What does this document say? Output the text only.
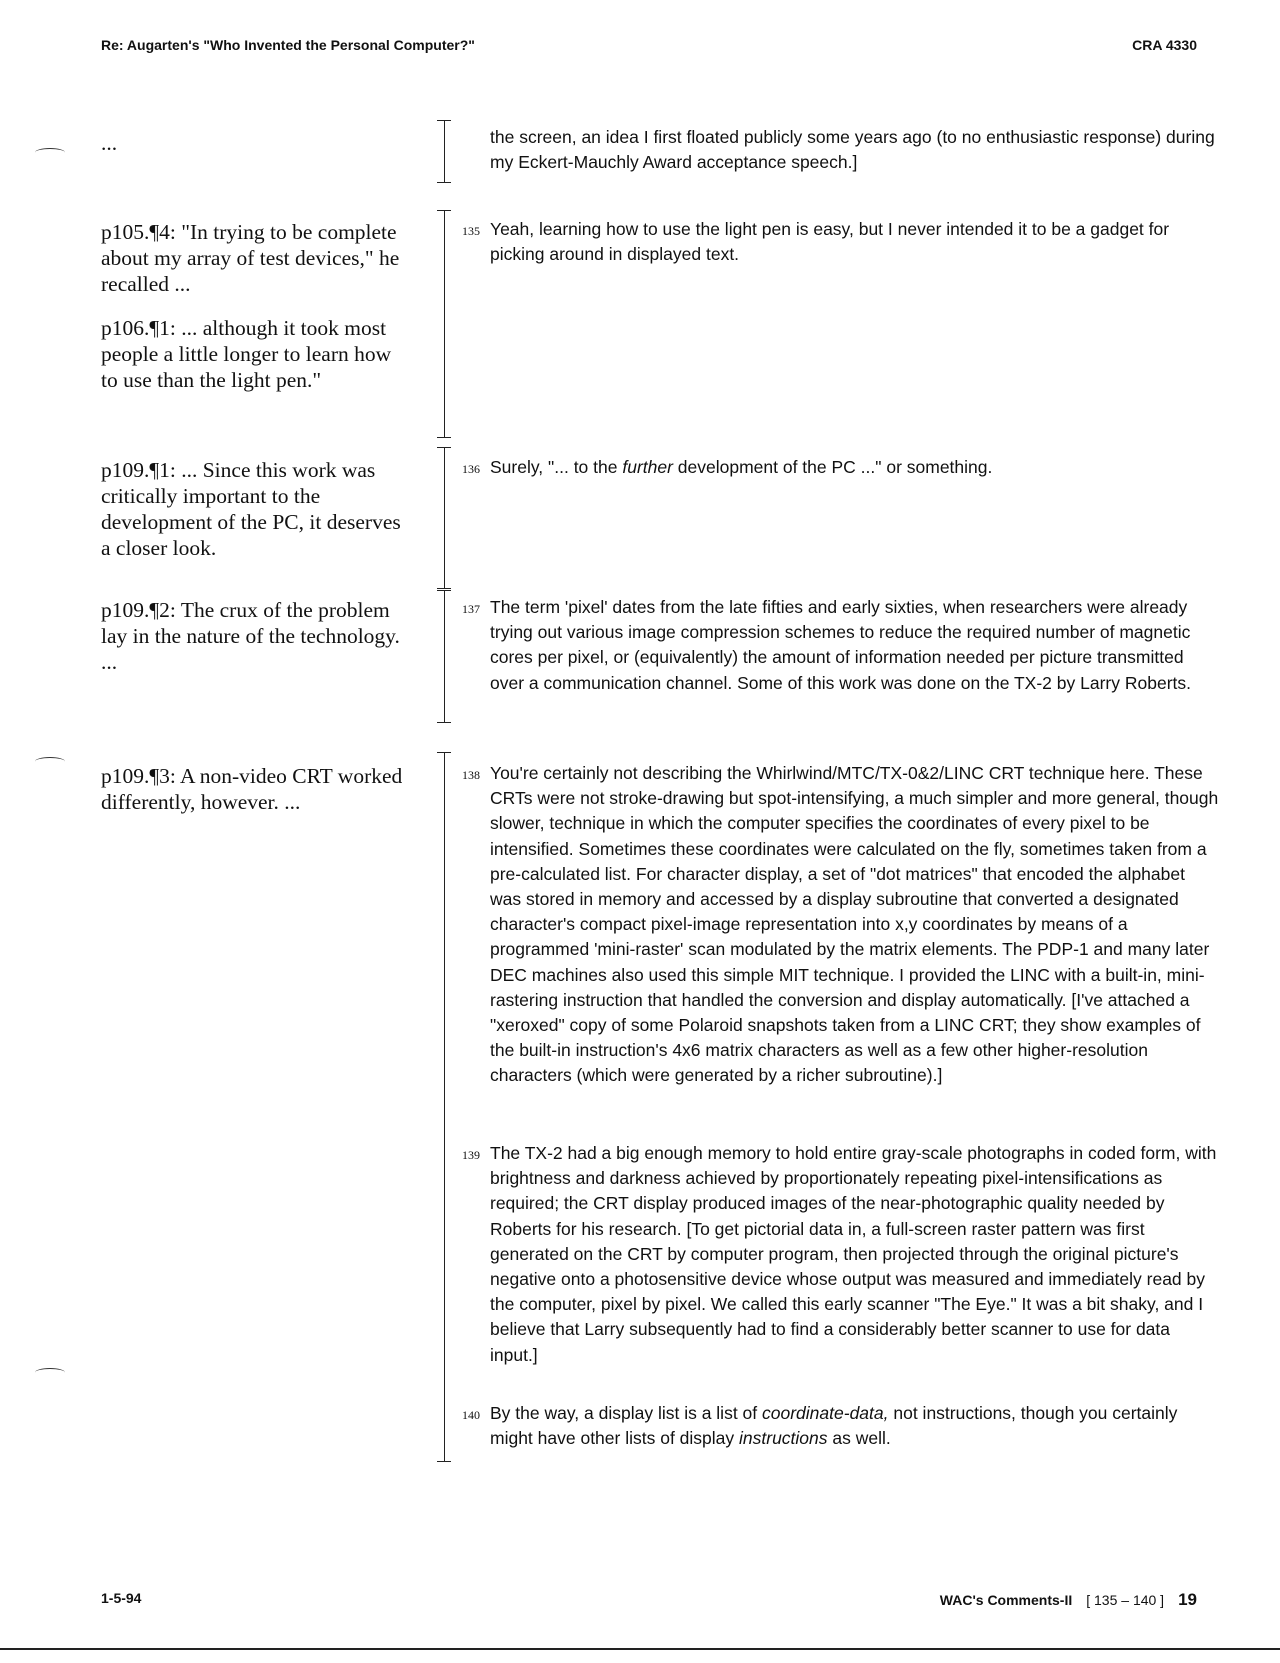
Re: Augarten's "Who Invented the Personal Computer?"	CRA 4330
...
p105.¶4: "In trying to be complete about my array of test devices," he recalled ...
p106.¶1: ... although it took most people a little longer to learn how to use than the light pen."
p109.¶1: ... Since this work was critically important to the development of the PC, it deserves a closer look.
p109.¶2: The crux of the problem lay in the nature of the technology. ...
p109.¶3: A non-video CRT worked differently, however. ...
the screen, an idea I first floated publicly some years ago (to no enthusiastic response) during my Eckert-Mauchly Award acceptance speech.]
135 Yeah, learning how to use the light pen is easy, but I never intended it to be a gadget for picking around in displayed text.
136 Surely, "... to the further development of the PC ..." or something.
137 The term 'pixel' dates from the late fifties and early sixties, when researchers were already trying out various image compression schemes to reduce the required number of magnetic cores per pixel, or (equivalently) the amount of information needed per picture transmitted over a communication channel. Some of this work was done on the TX-2 by Larry Roberts.
138 You're certainly not describing the Whirlwind/MTC/TX-0&2/LINC CRT technique here. These CRTs were not stroke-drawing but spot-intensifying, a much simpler and more general, though slower, technique in which the computer specifies the coordinates of every pixel to be intensified. Sometimes these coordinates were calculated on the fly, sometimes taken from a pre-calculated list. For character display, a set of "dot matrices" that encoded the alphabet was stored in memory and accessed by a display subroutine that converted a designated character's compact pixel-image representation into x,y coordinates by means of a programmed 'mini-raster' scan modulated by the matrix elements. The PDP-1 and many later DEC machines also used this simple MIT technique. I provided the LINC with a built-in, mini-rastering instruction that handled the conversion and display automatically. [I've attached a "xeroxed" copy of some Polaroid snapshots taken from a LINC CRT; they show examples of the built-in instruction's 4x6 matrix characters as well as a few other higher-resolution characters (which were generated by a richer subroutine).]
139 The TX-2 had a big enough memory to hold entire gray-scale photographs in coded form, with brightness and darkness achieved by proportionately repeating pixel-intensifications as required; the CRT display produced images of the near-photographic quality needed by Roberts for his research. [To get pictorial data in, a full-screen raster pattern was first generated on the CRT by computer program, then projected through the original picture's negative onto a photosensitive device whose output was measured and immediately read by the computer, pixel by pixel. We called this early scanner "The Eye." It was a bit shaky, and I believe that Larry subsequently had to find a considerably better scanner to use for data input.]
140 By the way, a display list is a list of coordinate-data, not instructions, though you certainly might have other lists of display instructions as well.
1-5-94	WAC's Comments-II [ 135 – 140 ] 19
